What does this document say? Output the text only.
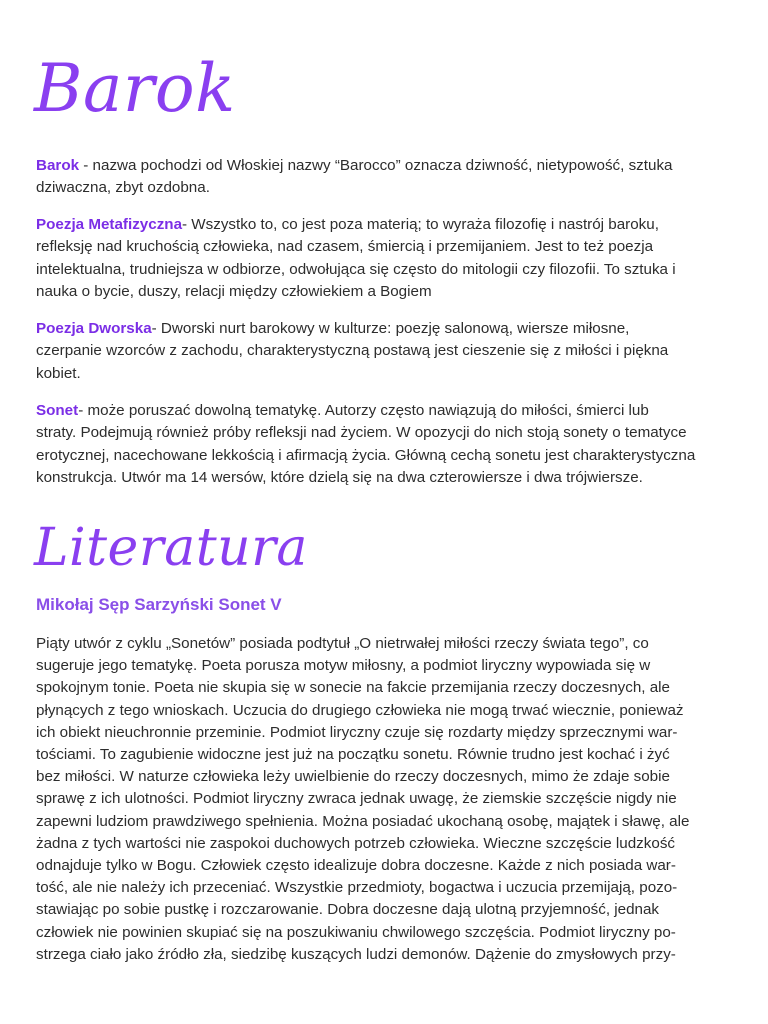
Barok
Barok - nazwa pochodzi od Włoskiej nazwy “Barocco” oznacza dziwność, nietypowość, sztuka
dziwaczna, zbyt ozdobna.
Poezja Metafizyczna- Wszystko to, co jest poza materią; to wyraża filozofię i nastrój baroku,
refleksję nad kruchością człowieka, nad czasem, śmiercią i przemijaniem. Jest to też poezja
intelektualna, trudniejsza w odbiorze, odwołująca się często do mitologii czy filozofii. To sztuka i
nauka o bycie, duszy, relacji między człowiekiem a Bogiem
Poezja Dworska- Dworski nurt barokowy w kulturze: poezję salonową, wiersze miłosne,
czerpanie wzorców z zachodu, charakterystyczną postawą jest cieszenie się z miłości i piękna
kobiet.
Sonet- może poruszać dowolną tematykę. Autorzy często nawiązują do miłości, śmierci lub
straty. Podejmują również próby refleksji nad życiem. W opozycji do nich stoją sonety o tematyce
erotycznej, nacechowane lekkością i afirmacją życia. Główną cechą sonetu jest charakterystyczna
konstrukcja. Utwór ma 14 wersów, które dzielą się na dwa czterowiersze i dwa trójwiersze.
Literatura
Mikołaj Sęp Sarzyński Sonet V
Piąty utwór z cyklu „Sonetów” posiada podtytuł „O nietrwałej miłości rzeczy świata tego”, co
sugeruje jego tematykę. Poeta porusza motyw miłosny, a podmiot liryczny wypowiada się w
spokojnym tonie. Poeta nie skupia się w sonecie na fakcie przemijania rzeczy doczesnych, ale
płynących z tego wnioskach. Uczucia do drugiego człowieka nie mogą trwać wiecznie, ponieważ
ich obiekt nieuchronnie przeminie. Podmiot liryczny czuje się rozdarty między sprzecznymi war-
tościami. To zagubienie widoczne jest już na początku sonetu. Równie trudno jest kochać i żyć
bez miłości. W naturze człowieka leży uwielbienie do rzeczy doczesnych, mimo że zdaje sobie
sprawę z ich ulotności. Podmiot liryczny zwraca jednak uwagę, że ziemskie szczęście nigdy nie
zapewni ludziom prawdziwego spełnienia. Można posiadać ukochaną osobę, majątek i sławę, ale
żadna z tych wartości nie zaspokoi duchowych potrzeb człowieka. Wieczne szczęście ludzkość
odnajduje tylko w Bogu. Człowiek często idealizuje dobra doczesne. Każde z nich posiada war-
tość, ale nie należy ich przeceniać. Wszystkie przedmioty, bogactwa i uczucia przemijają, pozo-
stawiając po sobie pustkę i rozczarowanie. Dobra doczesne dają ulotną przyjemność, jednak
człowiek nie powinien skupiać się na poszukiwaniu chwilowego szczęścia. Podmiot liryczny po-
strzega ciało jako źródło zła, siedzibę kuszących ludzi demonów. Dążenie do zmysłowych przy-
